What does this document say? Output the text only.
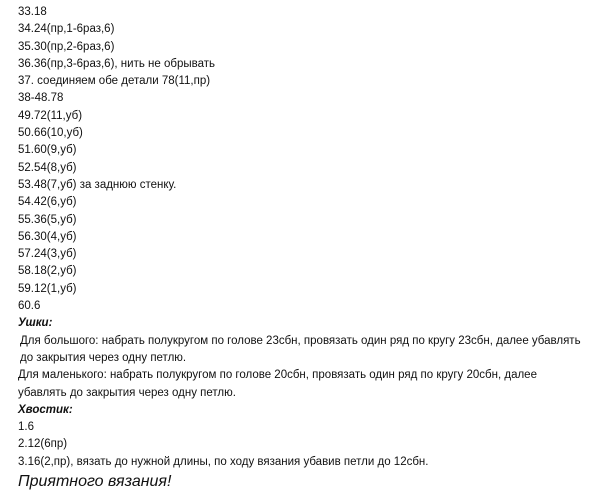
33.18
34.24(пр,1-6раз,6)
35.30(пр,2-6раз,6)
36.36(пр,3-6раз,6), нить не обрывать
37. соединяем обе детали 78(11,пр)
38-48.78
49.72(11,уб)
50.66(10,уб)
51.60(9,уб)
52.54(8,уб)
53.48(7,уб) за заднюю стенку.
54.42(6,уб)
55.36(5,уб)
56.30(4,уб)
57.24(3,уб)
58.18(2,уб)
59.12(1,уб)
60.6
Ушки:
Для большого: набрать полукругом по голове 23сбн, провязать один ряд по кругу 23сбн, далее убавлять до закрытия через одну петлю.
Для маленького: набрать полукругом по голове 20сбн, провязать один ряд по кругу 20сбн, далее убавлять до закрытия через одну петлю.
Хвостик:
1.6
2.12(6пр)
3.16(2,пр), вязать до нужной длины, по ходу вязания убавив петли до 12сбн.
Приятного вязания!
